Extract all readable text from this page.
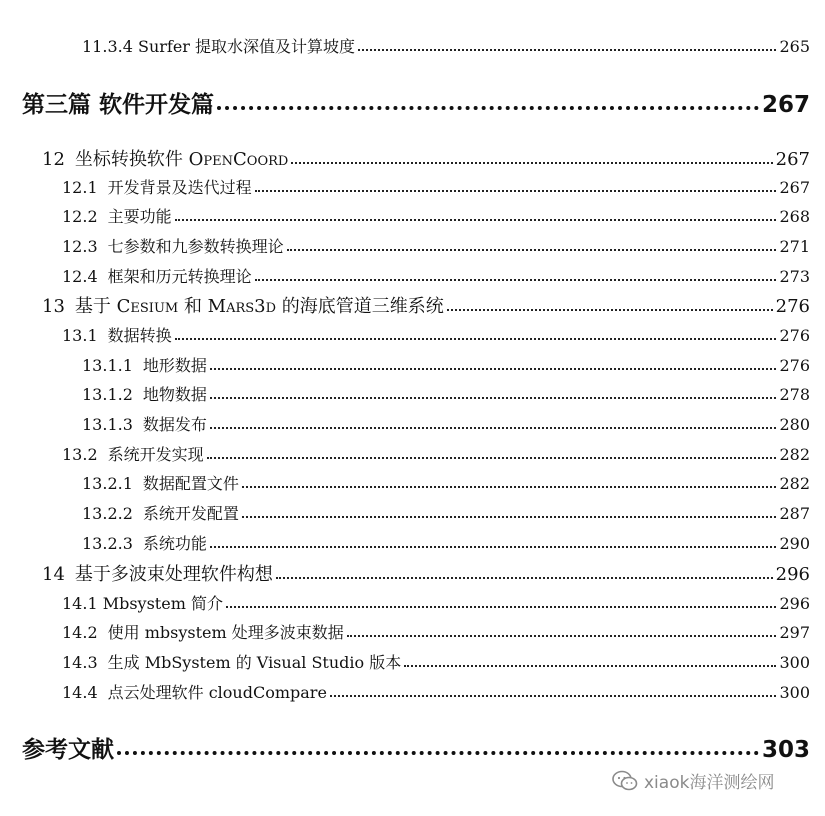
11.3.4 Surfer 提取水深值及计算坡度	265
第三篇 软件开发篇	267
12 坐标转换软件 OpenCoord	267
12.1 开发背景及迭代过程	267
12.2 主要功能	268
12.3 七参数和九参数转换理论	271
12.4 框架和历元转换理论	273
13 基于 Cesium 和 Mars3d 的海底管道三维系统	276
13.1 数据转换	276
13.1.1 地形数据	276
13.1.2 地物数据	278
13.1.3 数据发布	280
13.2 系统开发实现	282
13.2.1 数据配置文件	282
13.2.2 系统开发配置	287
13.2.3 系统功能	290
14 基于多波束处理软件构想	296
14.1 Mbsystem 简介	296
14.2 使用 mbsystem 处理多波束数据	297
14.3 生成 MbSystem 的 Visual Studio 版本	300
14.4 点云处理软件 cloudCompare	300
参考文献	303
xiaok海洋测绘网
